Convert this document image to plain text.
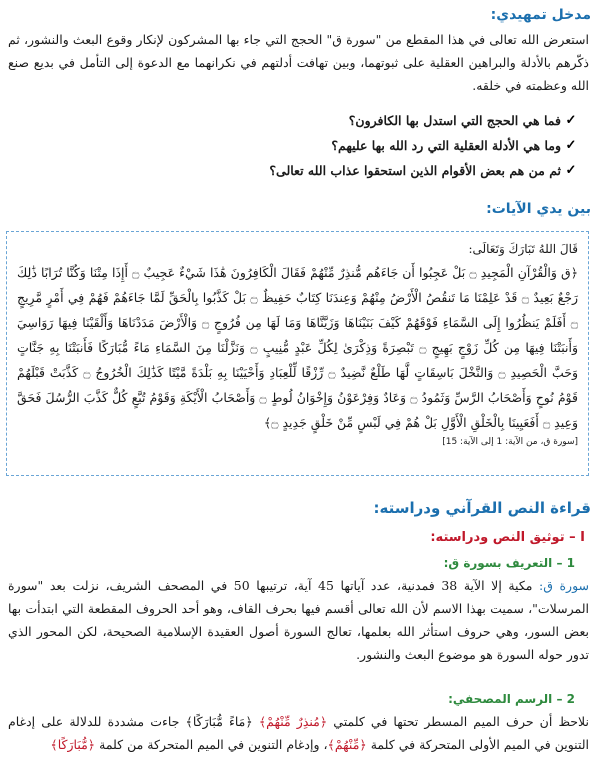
مدخل تمهيدي:

استعرض الله تعالى في هذا المقطع من "سورة ق" الحجج التي جاء بها المشركون لإنكار وقوع البعث والنشور، ثم ذكّرهم بالأدلة والبراهين العقلية على ثبوتهما، وبين تهافت أدلتهم في نكرانهما مع الدعوة إلى التأمل في بديع صنع الله وعظمته في خلقه.

✓
فما هي الحجج التي استدل بها الكافرون؟
✓
وما هي الأدلة العقلية التي رد الله بها عليهم؟
✓
ثم من هم بعض الأقوام الذين استحقوا عذاب الله تعالى؟
بين يدي الآيات:

قَالَ اللهُ تَبَارَكَ وَتَعَالَى:

﴿ق وَالْقُرْآنِ الْمَجِيدِ ۝ بَلْ عَجِبُوا أَن جَاءَهُم مُّنذِرٌ مِّنْهُمْ فَقَالَ الْكَافِرُونَ هَٰذَا شَيْءٌ عَجِيبٌ ۝ أَإِذَا مِتْنَا وَكُنَّا تُرَابًا ذَٰلِكَ رَجْعٌ بَعِيدٌ ۝ قَدْ عَلِمْنَا مَا تَنقُصُ الْأَرْضُ مِنْهُمْ وَعِندَنَا كِتَابٌ حَفِيظٌ ۝ بَلْ كَذَّبُوا بِالْحَقِّ لَمَّا جَاءَهُمْ فَهُمْ فِي أَمْرٍ مَّرِيجٍ ۝ أَفَلَمْ يَنظُرُوا إِلَى السَّمَاءِ فَوْقَهُمْ كَيْفَ بَنَيْنَاهَا وَزَيَّنَّاهَا وَمَا لَهَا مِن فُرُوجٍ ۝ وَالْأَرْضَ مَدَدْنَاهَا وَأَلْقَيْنَا فِيهَا رَوَاسِيَ وَأَنبَتْنَا فِيهَا مِن كُلِّ زَوْجٍ بَهِيجٍ ۝ تَبْصِرَةً وَذِكْرَىٰ لِكُلِّ عَبْدٍ مُّنِيبٍ ۝ وَنَزَّلْنَا مِنَ السَّمَاءِ مَاءً مُّبَارَكًا فَأَنبَتْنَا بِهِ جَنَّاتٍ وَحَبَّ الْحَصِيدِ ۝ وَالنَّخْلَ بَاسِقَاتٍ لَّهَا طَلْعٌ نَّضِيدٌ ۝ رِّزْقًا لِّلْعِبَادِ وَأَحْيَيْنَا بِهِ بَلْدَةً مَّيْتًا كَذَٰلِكَ الْخُرُوجُ ۝ كَذَّبَتْ قَبْلَهُمْ قَوْمُ نُوحٍ وَأَصْحَابُ الرَّسِّ وَثَمُودُ ۝ وَعَادٌ وَفِرْعَوْنُ وَإِخْوَانُ لُوطٍ ۝ وَأَصْحَابُ الْأَيْكَةِ وَقَوْمُ تُبَّعٍ كُلٌّ كَذَّبَ الرُّسُلَ فَحَقَّ وَعِيدِ ۝ أَفَعَيِينَا بِالْخَلْقِ الْأَوَّلِ بَلْ هُمْ فِي لَبْسٍ مِّنْ خَلْقٍ جَدِيدٍ ۝﴾

[سورة ق، من الآية: 1 إلى الآية: 15]
قراءة النص القرآني ودراسته:
I – توثيق النص ودراسته:
1 – التعريف بسورة ق:

سورة ق: مكية إلا الآية 38 فمدنية، عدد آياتها 45 آية، ترتيبها 50 في المصحف الشريف، نزلت بعد "سورة المرسلات"، سميت بهذا الاسم لأن الله تعالى أقسم فيها بحرف القاف، وهو أحد الحروف المقطعة التي ابتدأت بها بعض السور، وهي حروف استأثر الله بعلمها، تعالج السورة أصول العقيدة الإسلامية الصحيحة، لكن المحور الذي تدور حوله السورة هو موضوع البعث والنشور.

2 – الرسم المصحفي:

نلاحظ أن حرف الميم المسطر تحتها في كلمتي ﴿مُنذِرٌ مِّنْهُمْ﴾ ﴿مَاءً مُّبَارَكًا﴾ جاءت مشددة للدلالة على إدغام التنوين في الميم الأولى المتحركة في كلمة ﴿مِّنْهُمْ﴾، وإدغام التنوين في الميم المتحركة من كلمة ﴿مُّبَارَكًا﴾
